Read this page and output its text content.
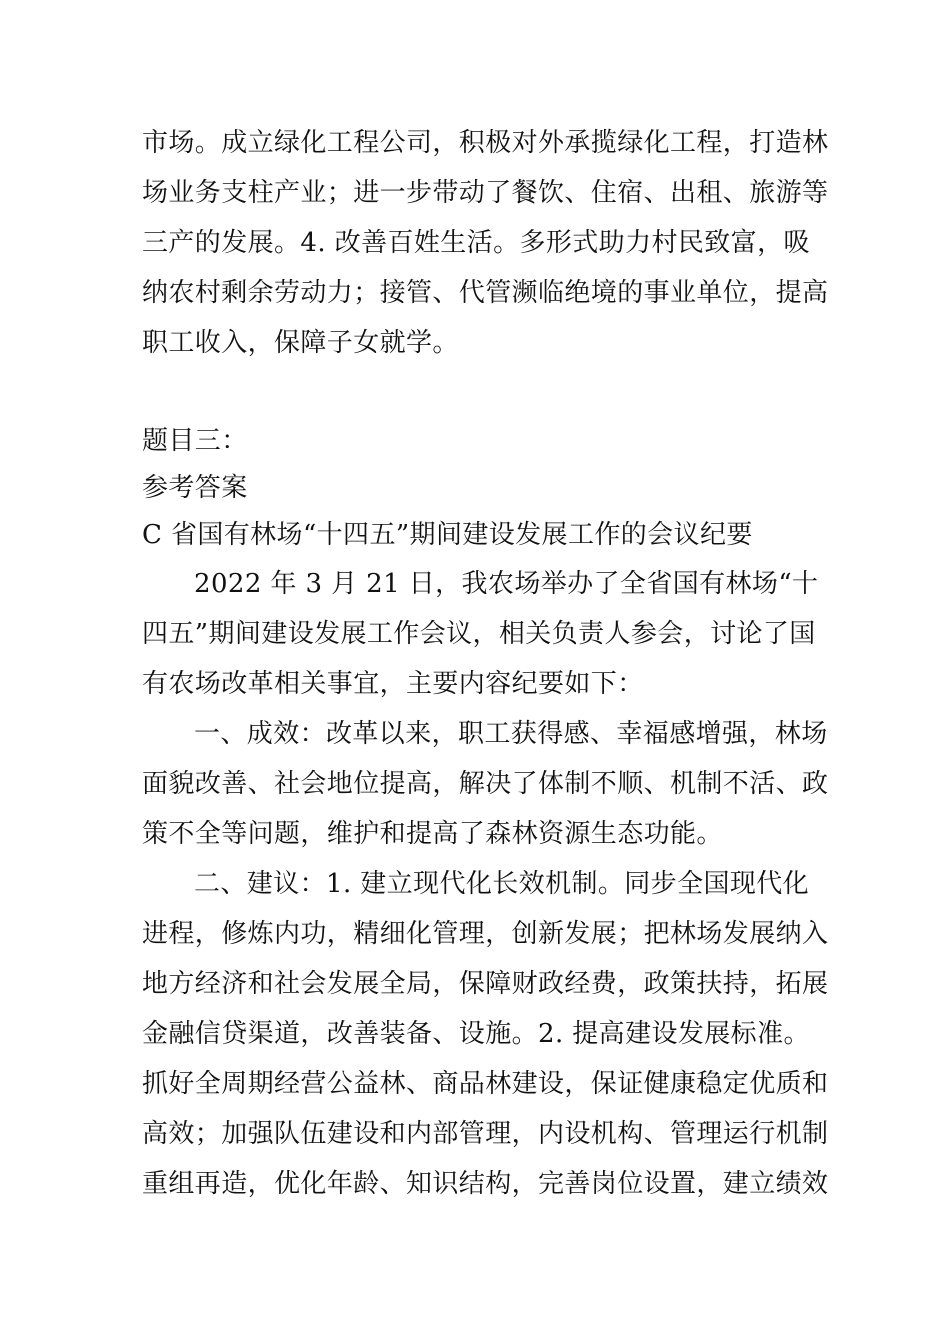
市场。成立绿化工程公司，积极对外承揽绿化工程，打造林
场业务支柱产业；进一步带动了餐饮、住宿、出租、旅游等
三产的发展。4. 改善百姓生活。多形式助力村民致富，吸
纳农村剩余劳动力；接管、代管濒临绝境的事业单位，提高
职工收入，保障子女就学。
题目三：
参考答案
C 省国有林场“十四五”期间建设发展工作的会议纪要
2022 年 3 月 21 日，我农场举办了全省国有林场“十
四五”期间建设发展工作会议，相关负责人参会，讨论了国
有农场改革相关事宜，主要内容纪要如下：
一、成效：改革以来，职工获得感、幸福感增强，林场
面貌改善、社会地位提高，解决了体制不顺、机制不活、政
策不全等问题，维护和提高了森林资源生态功能。
二、建议：1. 建立现代化长效机制。同步全国现代化
进程，修炼内功，精细化管理，创新发展；把林场发展纳入
地方经济和社会发展全局，保障财政经费，政策扶持，拓展
金融信贷渠道，改善装备、设施。2. 提高建设发展标准。
抓好全周期经营公益林、商品林建设，保证健康稳定优质和
高效；加强队伍建设和内部管理，内设机构、管理运行机制
重组再造，优化年龄、知识结构，完善岗位设置，建立绩效
